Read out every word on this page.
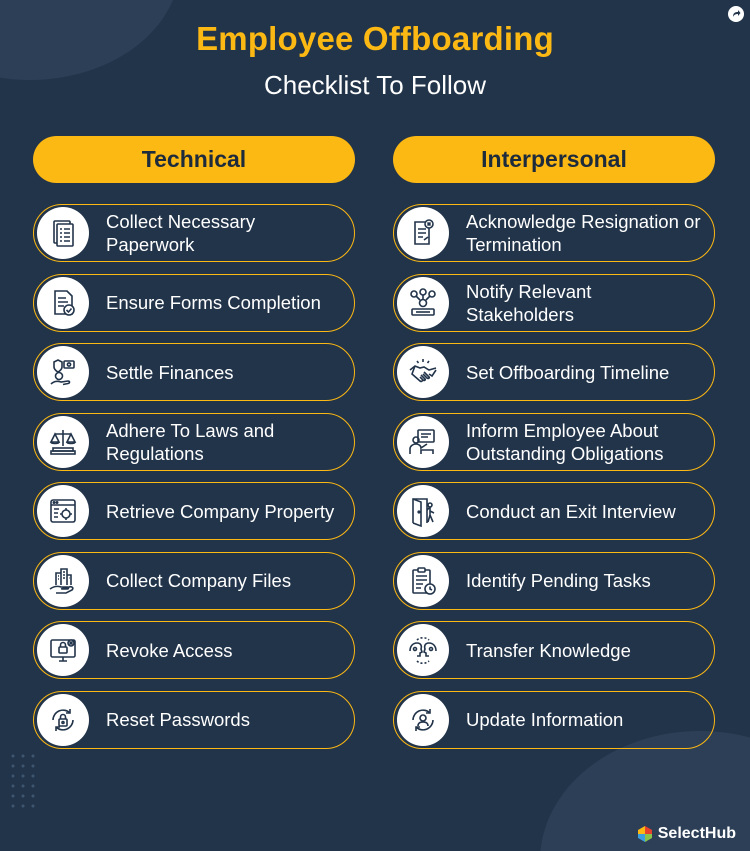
Employee Offboarding
Checklist To Follow
Technical
Collect Necessary Paperwork
Ensure Forms Completion
Settle Finances
Adhere To Laws and Regulations
Retrieve Company Property
Collect Company Files
Revoke Access
Reset Passwords
Interpersonal
Acknowledge Resignation or Termination
Notify Relevant Stakeholders
Set Offboarding Timeline
Inform Employee About Outstanding Obligations
Conduct an Exit Interview
Identify Pending Tasks
Transfer Knowledge
Update Information
SelectHub
